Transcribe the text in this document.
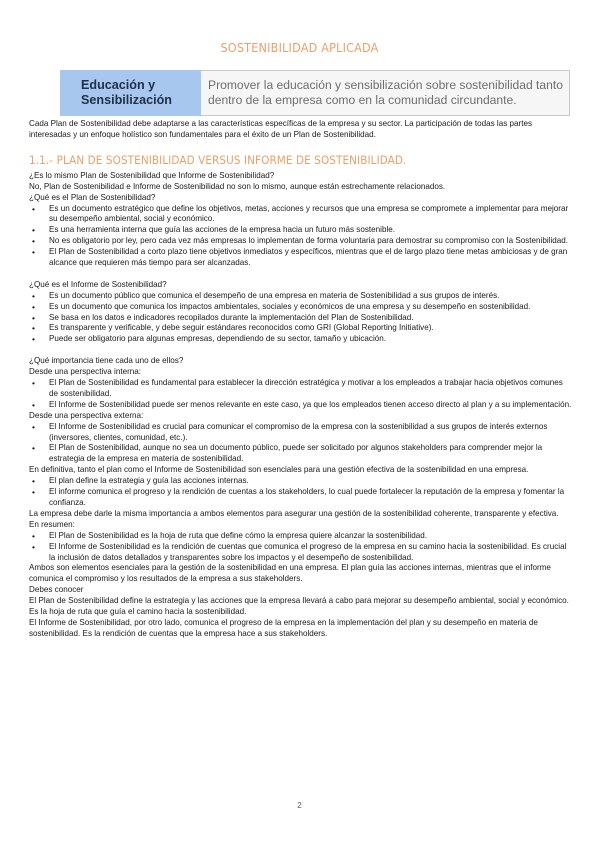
SOSTENIBILIDAD APLICADA
Educación y Sensibilización
Promover la educación y sensibilización sobre sostenibilidad tanto dentro de la empresa como en la comunidad circundante.

Cada Plan de Sostenibilidad debe adaptarse a las características específicas de la empresa y su sector. La participación de todas las partes interesadas y un enfoque holístico son fundamentales para el éxito de un Plan de Sostenibilidad.

1.1.- PLAN DE SOSTENIBILIDAD VERSUS INFORME DE SOSTENIBILIDAD.

¿Es lo mismo Plan de Sostenibilidad que Informe de Sostenibilidad?

No, Plan de Sostenibilidad e Informe de Sostenibilidad no son lo mismo, aunque están estrechamente relacionados.

¿Qué es el Plan de Sostenibilidad?

• Es un documento estratégico que define los objetivos, metas, acciones y recursos que una empresa se compromete a implementar para mejorar su desempeño ambiental, social y económico.
• Es una herramienta interna que guía las acciones de la empresa hacia un futuro más sostenible.
• No es obligatorio por ley, pero cada vez más empresas lo implementan de forma voluntaria para demostrar su compromiso con la Sostenibilidad.
• El Plan de Sostenibilidad a corto plazo tiene objetivos inmediatos y específicos, mientras que el de largo plazo tiene metas ambiciosas y de gran alcance que requieren más tiempo para ser alcanzadas.

¿Qué es el Informe de Sostenibilidad?

• Es un documento público que comunica el desempeño de una empresa en materia de Sostenibilidad a sus grupos de interés.
• Es un documento que comunica los impactos ambientales, sociales y económicos de una empresa y su desempeño en sostenibilidad.
• Se basa en los datos e indicadores recopilados durante la implementación del Plan de Sostenibilidad.
• Es transparente y verificable, y debe seguir estándares reconocidos como GRI (Global Reporting Initiative).
• Puede ser obligatorio para algunas empresas, dependiendo de su sector, tamaño y ubicación.

¿Qué importancia tiene cada uno de ellos?

Desde una perspectiva interna:

• El Plan de Sostenibilidad es fundamental para establecer la dirección estratégica y motivar a los empleados a trabajar hacia objetivos comunes de sostenibilidad.
• El Informe de Sostenibilidad puede ser menos relevante en este caso, ya que los empleados tienen acceso directo al plan y a su implementación.

Desde una perspectiva externa:

• El Informe de Sostenibilidad es crucial para comunicar el compromiso de la empresa con la sostenibilidad a sus grupos de interés externos (inversores, clientes, comunidad, etc.).
• El Plan de Sostenibilidad, aunque no sea un documento público, puede ser solicitado por algunos stakeholders para comprender mejor la estrategia de la empresa en materia de sostenibilidad.

En definitiva, tanto el plan como el Informe de Sostenibilidad son esenciales para una gestión efectiva de la sostenibilidad en una empresa.

• El plan define la estrategia y guía las acciones internas.
• El informe comunica el progreso y la rendición de cuentas a los stakeholders, lo cual puede fortalecer la reputación de la empresa y fomentar la confianza.

La empresa debe darle la misma importancia a ambos elementos para asegurar una gestión de la sostenibilidad coherente, transparente y efectiva.

En resumen:

• El Plan de Sostenibilidad es la hoja de ruta que define cómo la empresa quiere alcanzar la sostenibilidad.
• El Informe de Sostenibilidad es la rendición de cuentas que comunica el progreso de la empresa en su camino hacia la sostenibilidad. Es crucial la inclusión de datos detallados y transparentes sobre los impactos y el desempeño de sostenibilidad.

Ambos son elementos esenciales para la gestión de la sostenibilidad en una empresa. El plan guía las acciones internas, mientras que el informe comunica el compromiso y los resultados de la empresa a sus stakeholders.

Debes conocer

El Plan de Sostenibilidad define la estrategia y las acciones que la empresa llevará a cabo para mejorar su desempeño ambiental, social y económico. Es la hoja de ruta que guía el camino hacia la sostenibilidad.

El Informe de Sostenibilidad, por otro lado, comunica el progreso de la empresa en la implementación del plan y su desempeño en materia de sostenibilidad. Es la rendición de cuentas que la empresa hace a sus stakeholders.

2
